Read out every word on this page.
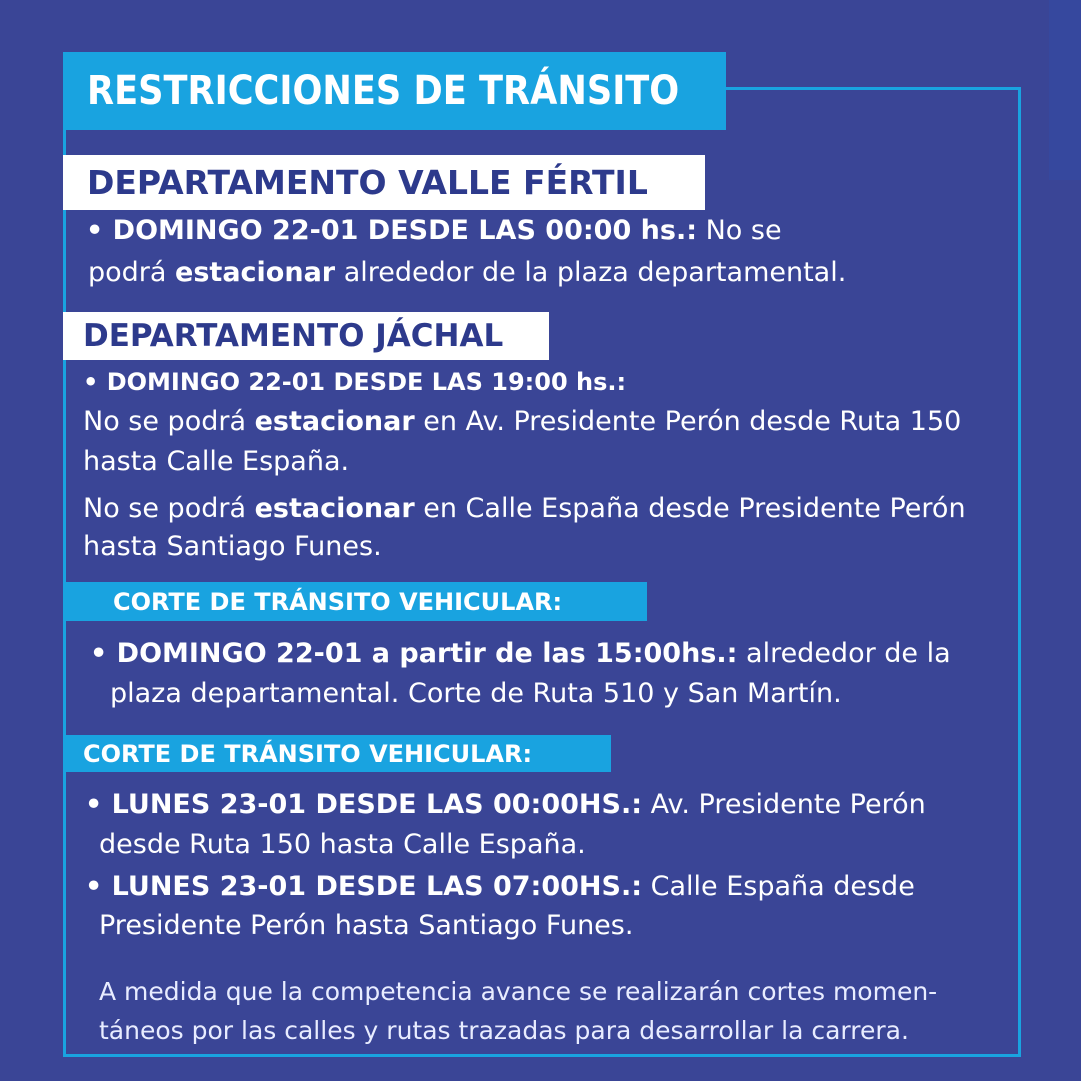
RESTRICCIONES DE TRÁNSITO
DEPARTAMENTO VALLE FÉRTIL
• DOMINGO 22-01 DESDE LAS 00:00 hs.: No se
podrá estacionar alrededor de la plaza departamental.
DEPARTAMENTO JÁCHAL
• DOMINGO 22-01 DESDE LAS 19:00 hs.:
No se podrá estacionar en Av. Presidente Perón desde Ruta 150
hasta Calle España.
No se podrá estacionar en Calle España desde Presidente Perón
hasta Santiago Funes.
CORTE DE TRÁNSITO VEHICULAR:
• DOMINGO 22-01 a partir de las 15:00hs.: alrededor de la
plaza departamental. Corte de Ruta 510 y San Martín.
CORTE DE TRÁNSITO VEHICULAR:
• LUNES 23-01 DESDE LAS 00:00HS.: Av. Presidente Perón
desde Ruta 150 hasta Calle España.
• LUNES 23-01 DESDE LAS 07:00HS.: Calle España desde
Presidente Perón hasta Santiago Funes.
A medida que la competencia avance se realizarán cortes momen-
táneos por las calles y rutas trazadas para desarrollar la carrera.
